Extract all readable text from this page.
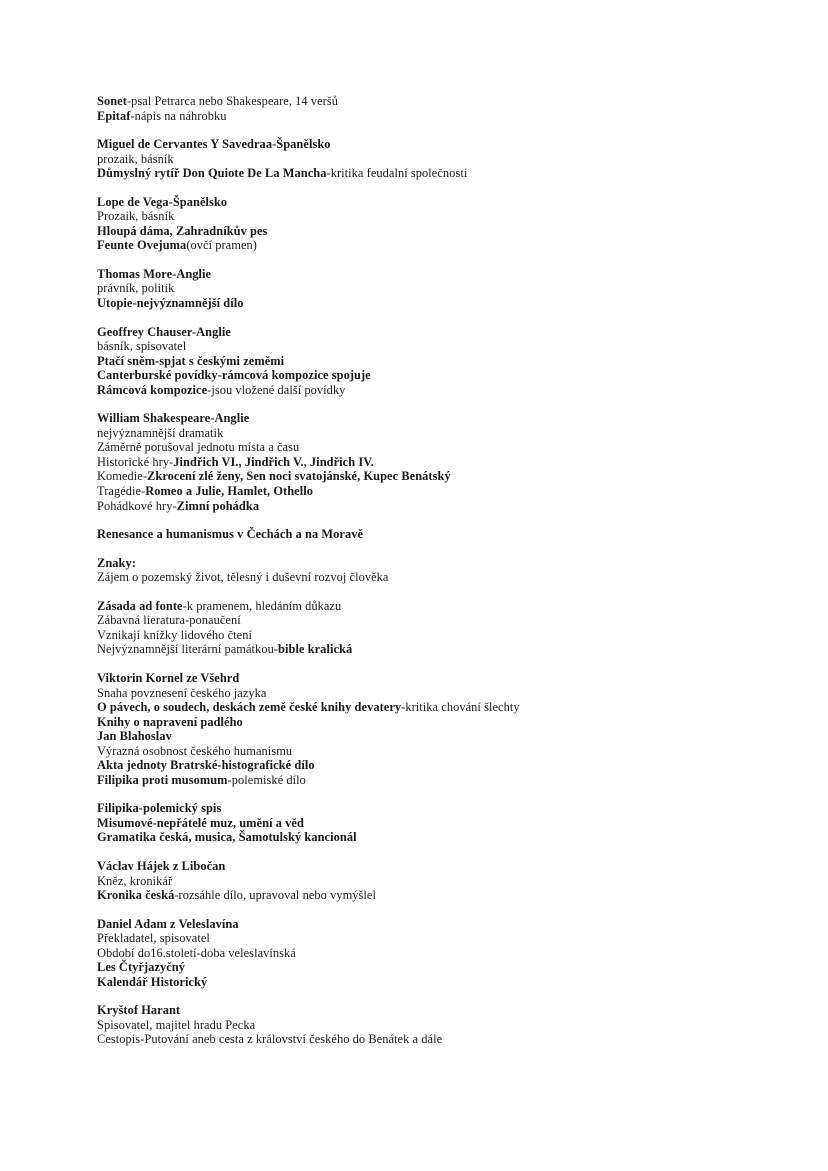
Sonet-psal Petrarca nebo Shakespeare, 14 veršů
Epitaf-nápis na náhrobku
Miguel de Cervantes Y Savedraa-Španělsko
prozaik, básník
Důmyslný rytíř Don Quiote De La Mancha-kritika feudalní společnosti
Lope de Vega-Španělsko
Prozaik, básník
Hloupá dáma, Zahradníkův pes
Feunte Ovejuma(ovčí pramen)
Thomas More-Anglie
právník, politik
Utopie-nejvýznamnější dílo
Geoffrey Chauser-Anglie
básník, spisovatel
Ptačí sněm-spjat s českými zeměmi
Canterburské povídky-rámcová kompozice spojuje
Rámcová kompozice-jsou vložené další povídky
William Shakespeare-Anglie
nejvýznamnější dramatik
Záměrně porušoval jednotu místa a času
Historické hry-Jindřich VI., Jindřich V., Jindřich IV.
Komedie-Zkrocení zlé ženy, Sen noci svatojánské, Kupec Benátský
Tragédie-Romeo a Julie, Hamlet, Othello
Pohádkové hry-Zimní pohádka
Renesance a humanismus v Čechách a na Moravě
Znaky:
Zájem o pozemský život, tělesný i duševní rozvoj člověka
Zásada ad fonte-k pramenem, hledáním důkazu
Zábavná lieratura-ponaučení
Vznikají knížky lidového čtení
Nejvýznamnější literární památkou-bible kralická
Viktorin Kornel ze Všehrd
Snaha povznesení českého jazyka
O pávech, o soudech, deskách země české knihy devatery-kritika chování šlechty
Knihy o napravení padlého
Jan Blahoslav
Výrazná osobnost českého humanismu
Akta jednoty Bratrské-histografické dílo
Filipika proti musomum-polemiské dílo
Filipika-polemický spis
Misumové-nepřátelé muz, umění a věd
Gramatika česká, musica, Šamotulský kancionál
Václav Hájek z Libočan
Kněz, kronikář
Kronika česká-rozsáhle dílo, upravoval nebo vymýšlel
Daniel Adam z Veleslavína
Překladatel, spisovatel
Období do16.století-doba veleslavínská
Les Čtyřjazyčný
Kalendář Historický
Kryštof Harant
Spisovatel, majitel hradu Pecka
Cestopis-Putování aneb cesta z království českého do Benátek a dále
